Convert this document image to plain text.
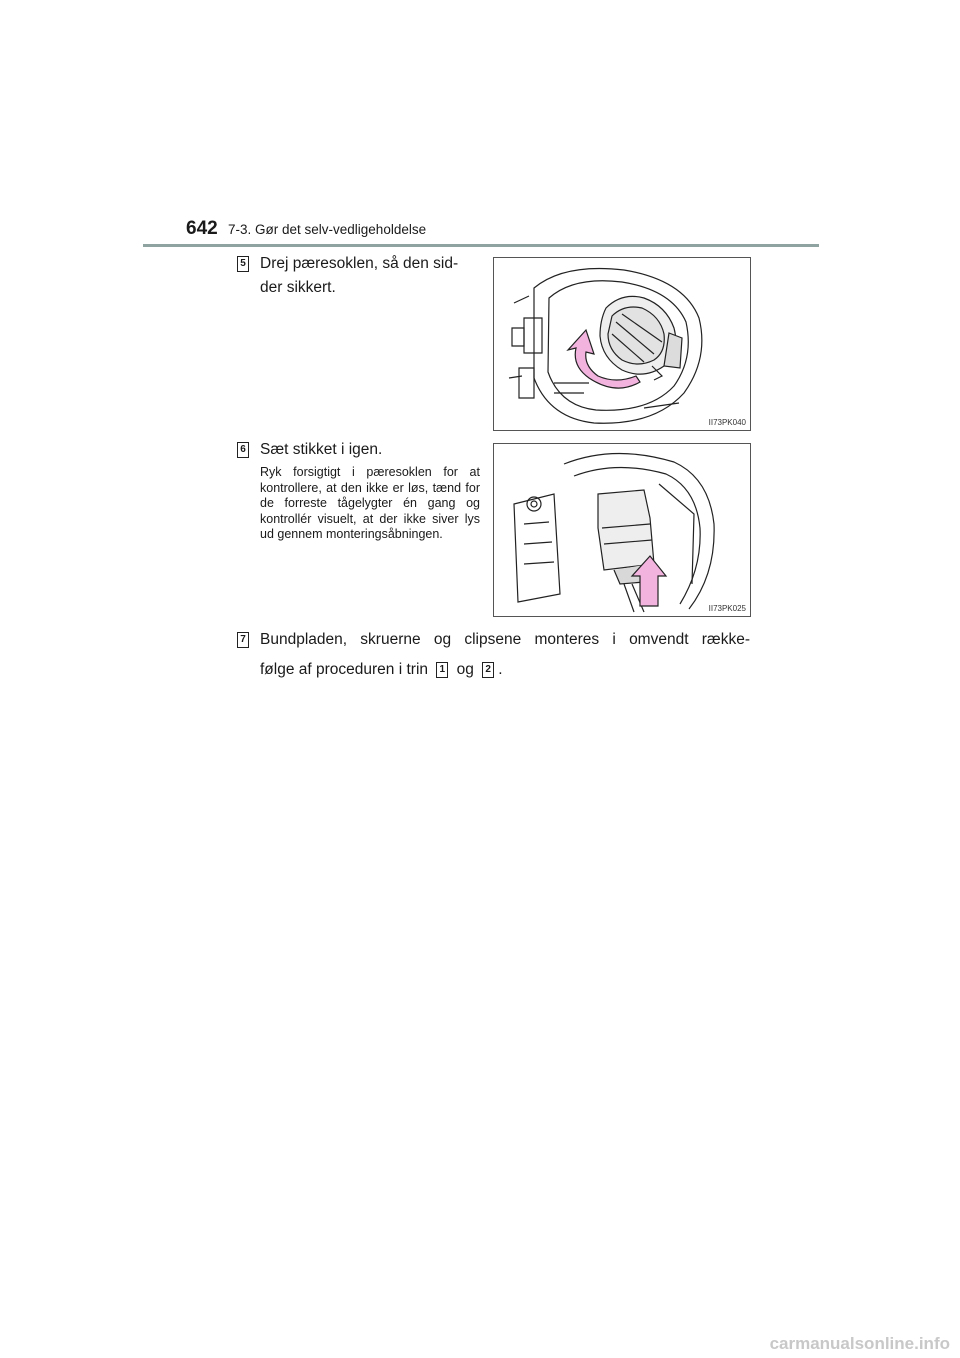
642 7-3. Gør det selv-vedligeholdelse
5 Drej pæresoklen, så den sid-
der sikkert.
II73PK040
6 Sæt stikket i igen.
Ryk forsigtigt i pæresoklen for at kontrollere, at den ikke er løs, tænd for de forreste tågelygter én gang og kontrollér visuelt, at der ikke siver lys ud gennem monteringsåbningen.
II73PK025
7 Bundpladen, skruerne og clipsene monteres i omvendt række-
følge af proceduren i trin 1 og 2 .
carmanualsonline.info
